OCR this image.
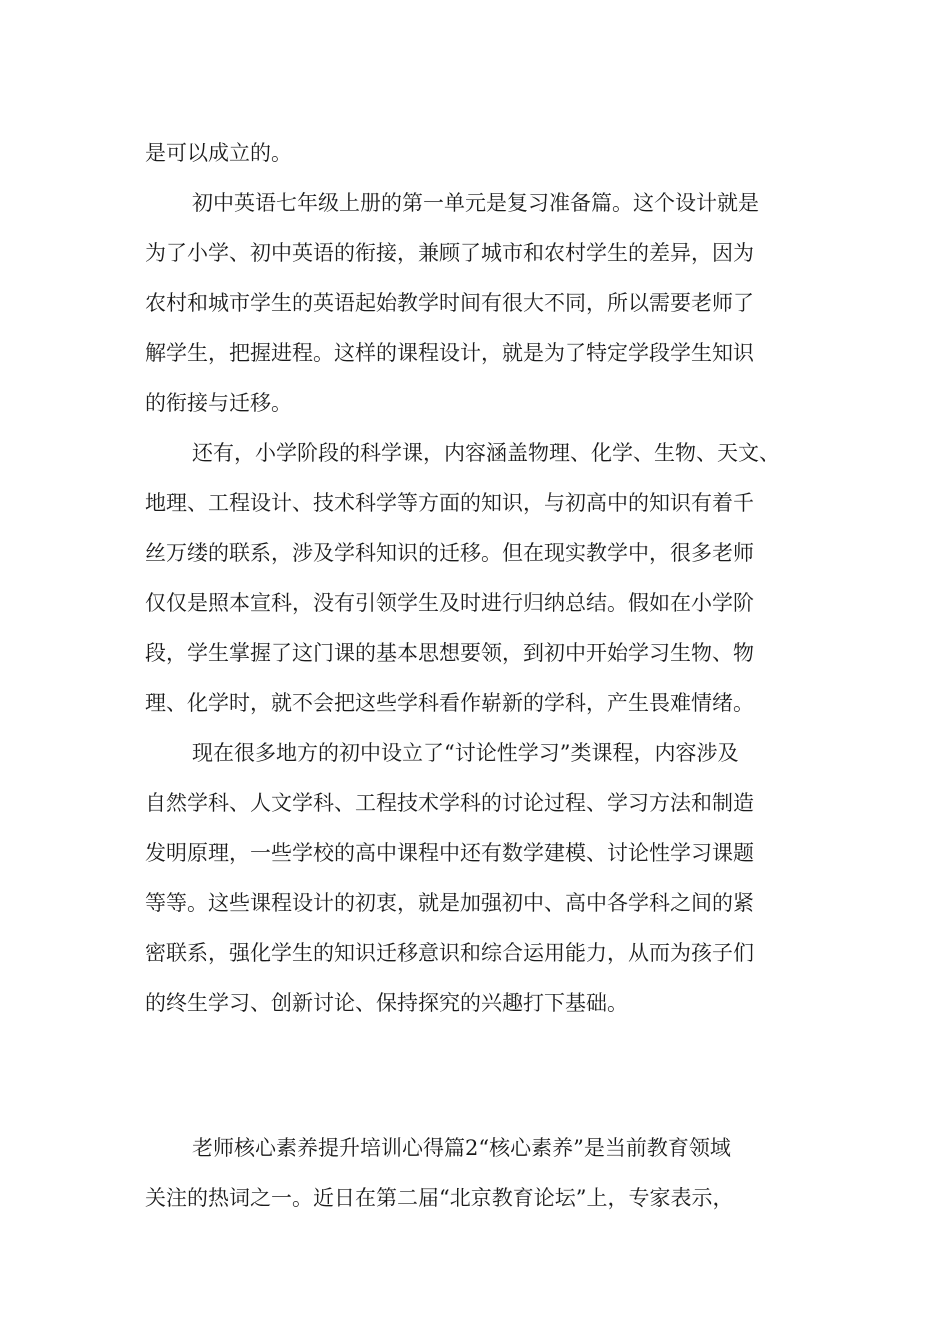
是可以成立的。

初中英语七年级上册的第一单元是复习准备篇。这个设计就是

为了小学、初中英语的衔接，兼顾了城市和农村学生的差异，因为

农村和城市学生的英语起始教学时间有很大不同，所以需要老师了

解学生，把握进程。这样的课程设计，就是为了特定学段学生知识

的衔接与迁移。

还有，小学阶段的科学课，内容涵盖物理、化学、生物、天文、

地理、工程设计、技术科学等方面的知识，与初高中的知识有着千

丝万缕的联系，涉及学科知识的迁移。但在现实教学中，很多老师

仅仅是照本宣科，没有引领学生及时进行归纳总结。假如在小学阶

段，学生掌握了这门课的基本思想要领，到初中开始学习生物、物

理、化学时，就不会把这些学科看作崭新的学科，产生畏难情绪。

现在很多地方的初中设立了“讨论性学习”类课程，内容涉及

自然学科、人文学科、工程技术学科的讨论过程、学习方法和制造

发明原理，一些学校的高中课程中还有数学建模、讨论性学习课题

等等。这些课程设计的初衷，就是加强初中、高中各学科之间的紧

密联系，强化学生的知识迁移意识和综合运用能力，从而为孩子们

的终生学习、创新讨论、保持探究的兴趣打下基础。

老师核心素养提升培训心得篇2“核心素养”是当前教育领域

关注的热词之一。近日在第二届“北京教育论坛”上，专家表示，
